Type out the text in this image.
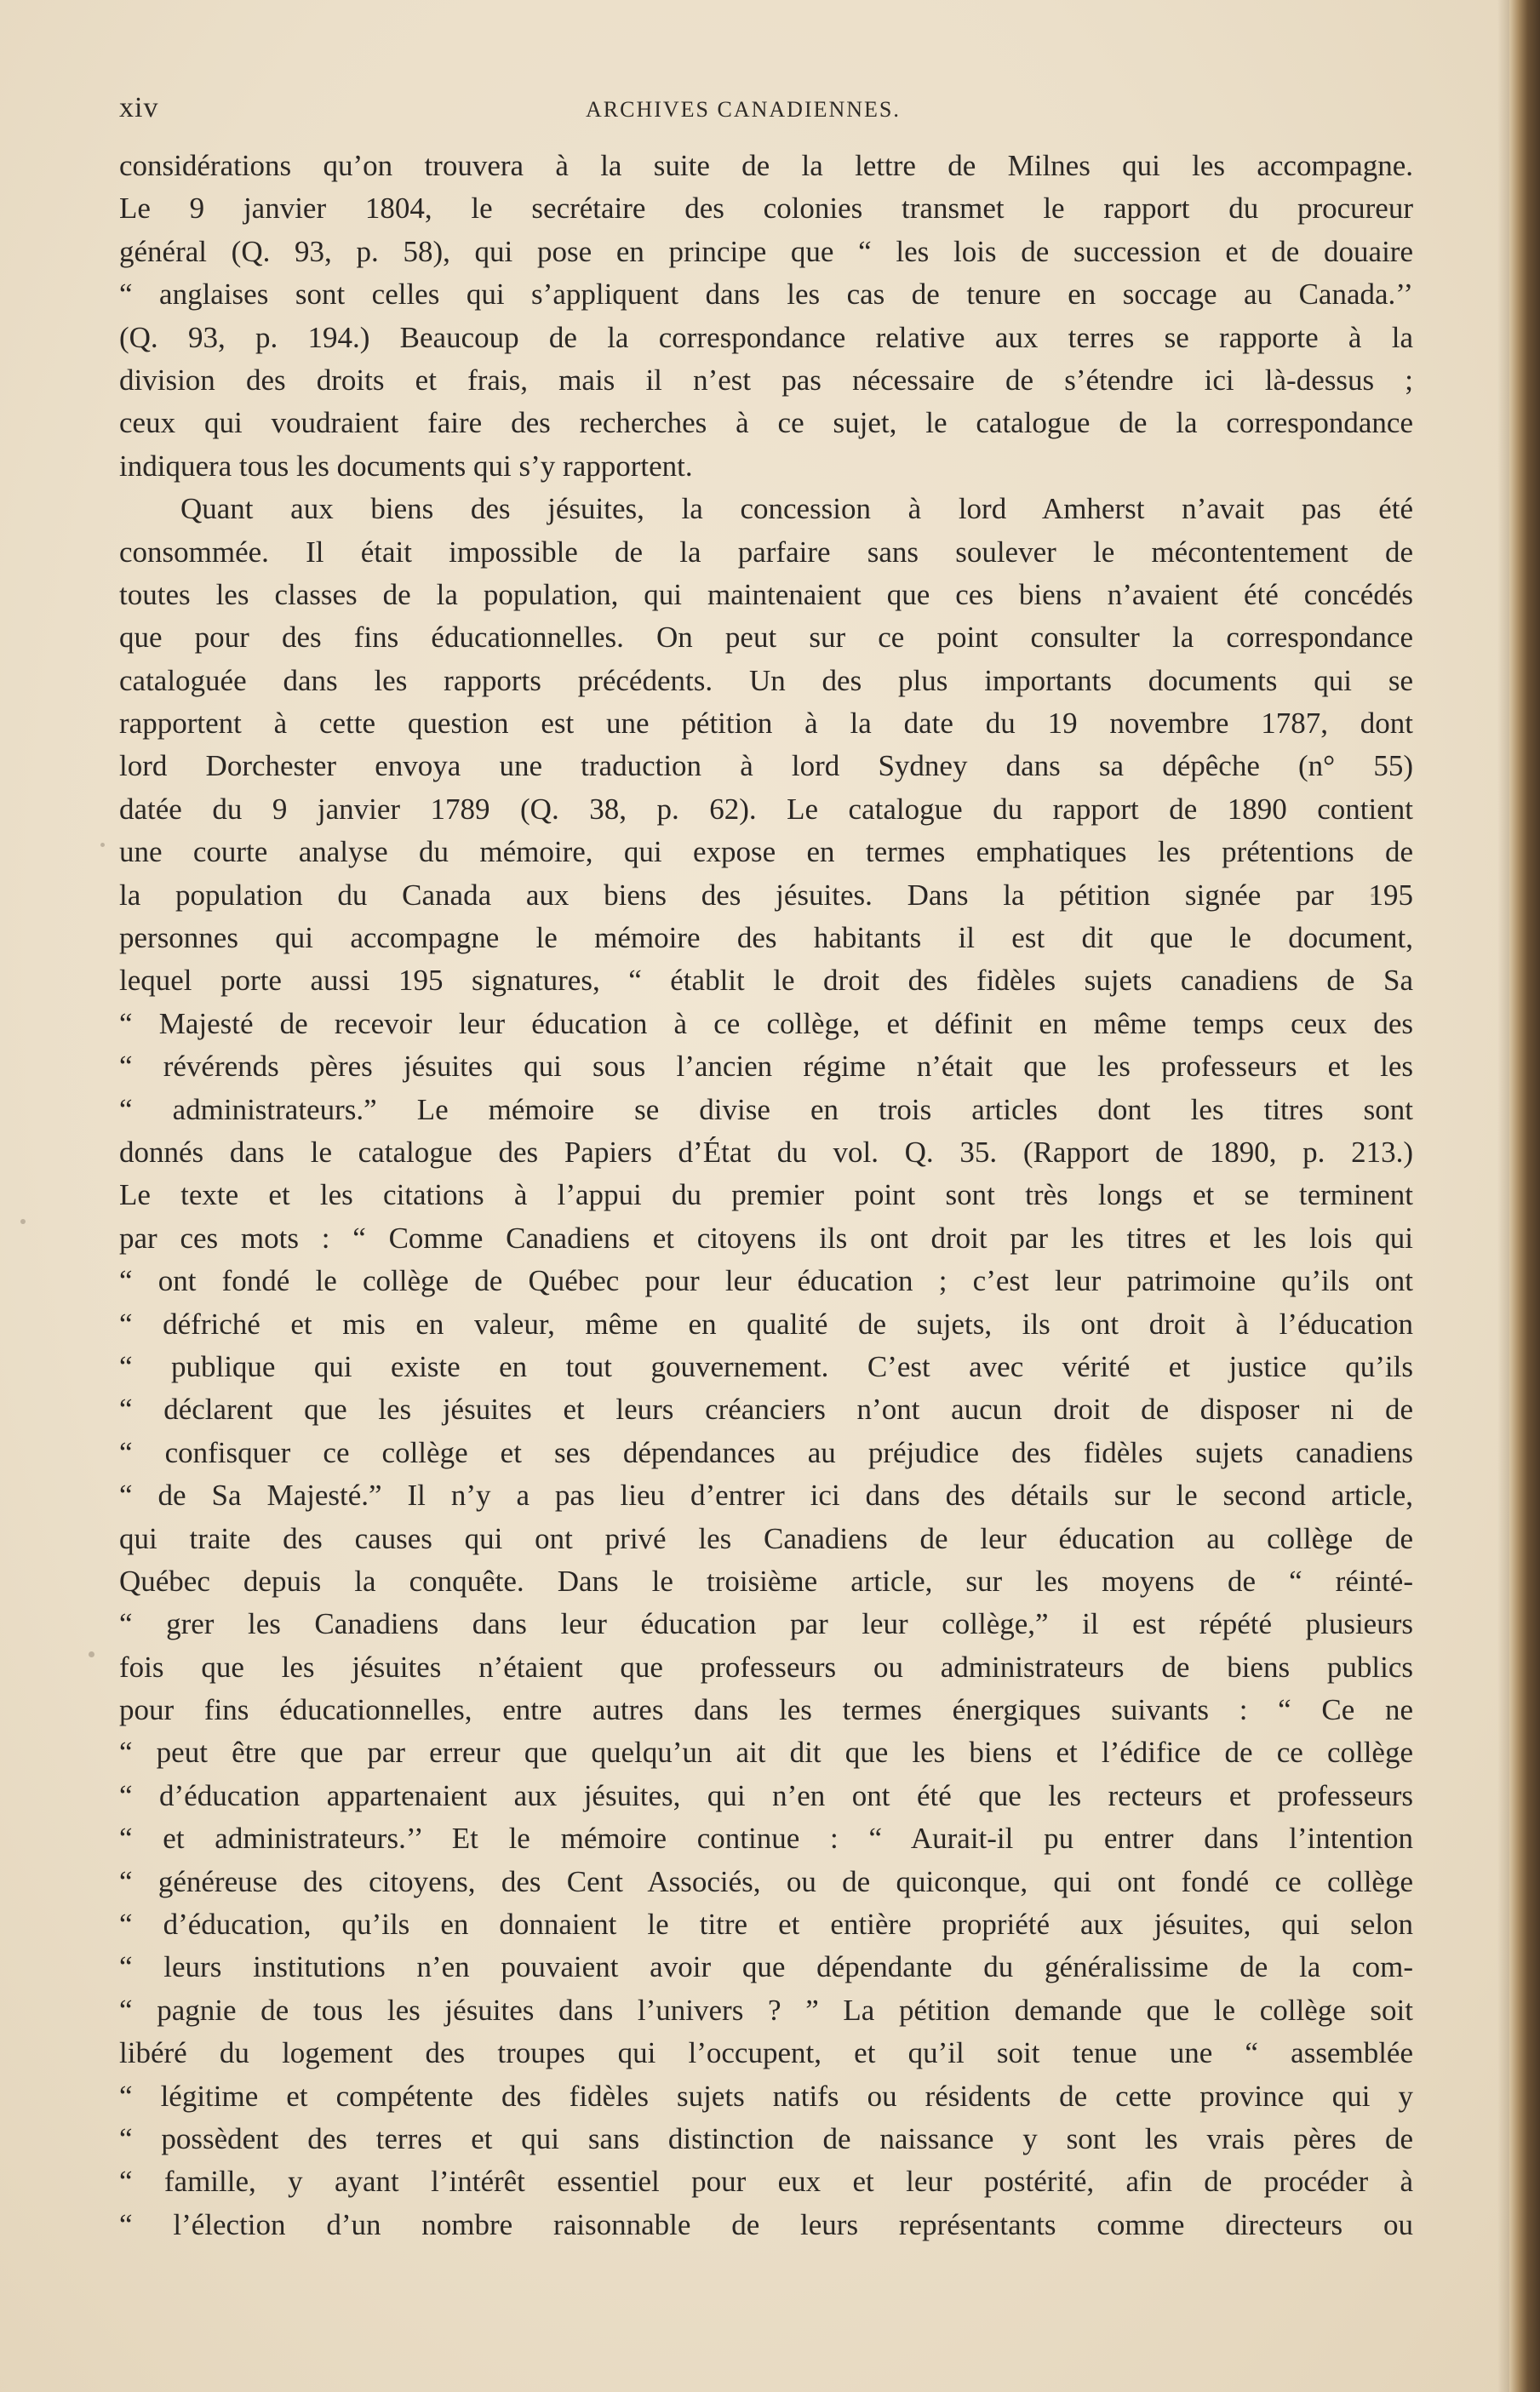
xiv	ARCHIVES CANADIENNES.
considérations qu’on trouvera à la suite de la lettre de Milnes qui les accompagne.
Le 9 janvier 1804, le secrétaire des colonies transmet le rapport du procureur
général (Q. 93, p. 58), qui pose en principe que “ les lois de succession et de douaire
“ anglaises sont celles qui s’appliquent dans les cas de tenure en soccage au Canada.’’
(Q. 93, p. 194.) Beaucoup de la correspondance relative aux terres se rapporte à la
division des droits et frais, mais il n’est pas nécessaire de s’étendre ici là-dessus ;
ceux qui voudraient faire des recherches à ce sujet, le catalogue de la correspondance
indiquera tous les documents qui s’y rapportent.
Quant aux biens des jésuites, la concession à lord Amherst n’avait pas été
consommée. Il était impossible de la parfaire sans soulever le mécontentement de
toutes les classes de la population, qui maintenaient que ces biens n’avaient été concédés
que pour des fins éducationnelles. On peut sur ce point consulter la correspondance
cataloguée dans les rapports précédents. Un des plus importants documents qui se
rapportent à cette question est une pétition à la date du 19 novembre 1787, dont
lord Dorchester envoya une traduction à lord Sydney dans sa dépêche (n° 55)
datée du 9 janvier 1789 (Q. 38, p. 62). Le catalogue du rapport de 1890 contient
une courte analyse du mémoire, qui expose en termes emphatiques les prétentions de
la population du Canada aux biens des jésuites. Dans la pétition signée par 195
personnes qui accompagne le mémoire des habitants il est dit que le document,
lequel porte aussi 195 signatures, “ établit le droit des fidèles sujets canadiens de Sa
“ Majesté de recevoir leur éducation à ce collège, et définit en même temps ceux des
“ révérends pères jésuites qui sous l’ancien régime n’était que les professeurs et les
“ administrateurs.” Le mémoire se divise en trois articles dont les titres sont
donnés dans le catalogue des Papiers d’État du vol. Q. 35. (Rapport de 1890, p. 213.)
Le texte et les citations à l’appui du premier point sont très longs et se terminent
par ces mots : “ Comme Canadiens et citoyens ils ont droit par les titres et les lois qui
“ ont fondé le collège de Québec pour leur éducation ; c’est leur patrimoine qu’ils ont
“ défriché et mis en valeur, même en qualité de sujets, ils ont droit à l’éducation
“ publique qui existe en tout gouvernement. C’est avec vérité et justice qu’ils
“ déclarent que les jésuites et leurs créanciers n’ont aucun droit de disposer ni de
“ confisquer ce collège et ses dépendances au préjudice des fidèles sujets canadiens
“ de Sa Majesté.” Il n’y a pas lieu d’entrer ici dans des détails sur le second article,
qui traite des causes qui ont privé les Canadiens de leur éducation au collège de
Québec depuis la conquête. Dans le troisième article, sur les moyens de “ réinté-
“ grer les Canadiens dans leur éducation par leur collège,” il est répété plusieurs
fois que les jésuites n’étaient que professeurs ou administrateurs de biens publics
pour fins éducationnelles, entre autres dans les termes énergiques suivants : “ Ce ne
“ peut être que par erreur que quelqu’un ait dit que les biens et l’édifice de ce collège
“ d’éducation appartenaient aux jésuites, qui n’en ont été que les recteurs et professeurs
“ et administrateurs.’’ Et le mémoire continue : “ Aurait-il pu entrer dans l’intention
“ généreuse des citoyens, des Cent Associés, ou de quiconque, qui ont fondé ce collège
“ d’éducation, qu’ils en donnaient le titre et entière propriété aux jésuites, qui selon
“ leurs institutions n’en pouvaient avoir que dépendante du généralissime de la com-
“ pagnie de tous les jésuites dans l’univers ? ” La pétition demande que le collège soit
libéré du logement des troupes qui l’occupent, et qu’il soit tenue une “ assemblée
“ légitime et compétente des fidèles sujets natifs ou résidents de cette province qui y
“ possèdent des terres et qui sans distinction de naissance y sont les vrais pères de
“ famille, y ayant l’intérêt essentiel pour eux et leur postérité, afin de procéder à
“ l’élection d’un nombre raisonnable de leurs représentants comme directeurs ou
